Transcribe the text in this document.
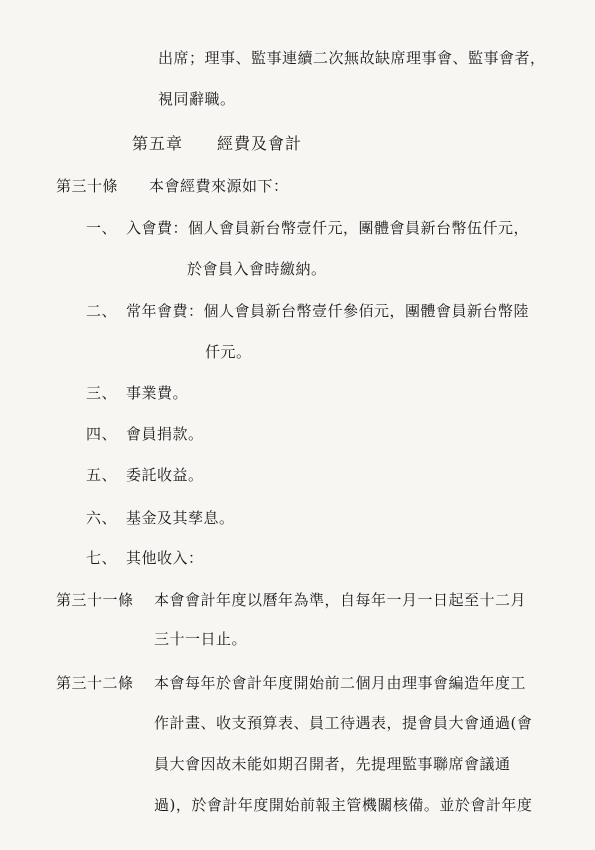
出席；理事、監事連續二次無故缺席理事會、監事會者，
視同辭職。
第五章　　經費及會計
第三十條　　本會經費來源如下：
一、 入會費：個人會員新台幣壹仟元，團體會員新台幣伍仟元，
於會員入會時繳納。
二、 常年會費：個人會員新台幣壹仟參佰元，團體會員新台幣陸
仟元。
三、 事業費。
四、 會員捐款。
五、 委託收益。
六、 基金及其孳息。
七、 其他收入：
第三十一條 本會會計年度以曆年為準，自每年一月一日起至十二月
三十一日止。
第三十二條 本會每年於會計年度開始前二個月由理事會編造年度工
作計畫、收支預算表、員工待遇表，提會員大會通過(會
員大會因故未能如期召開者，先提理監事聯席會議通
過)，於會計年度開始前報主管機關核備。並於會計年度
